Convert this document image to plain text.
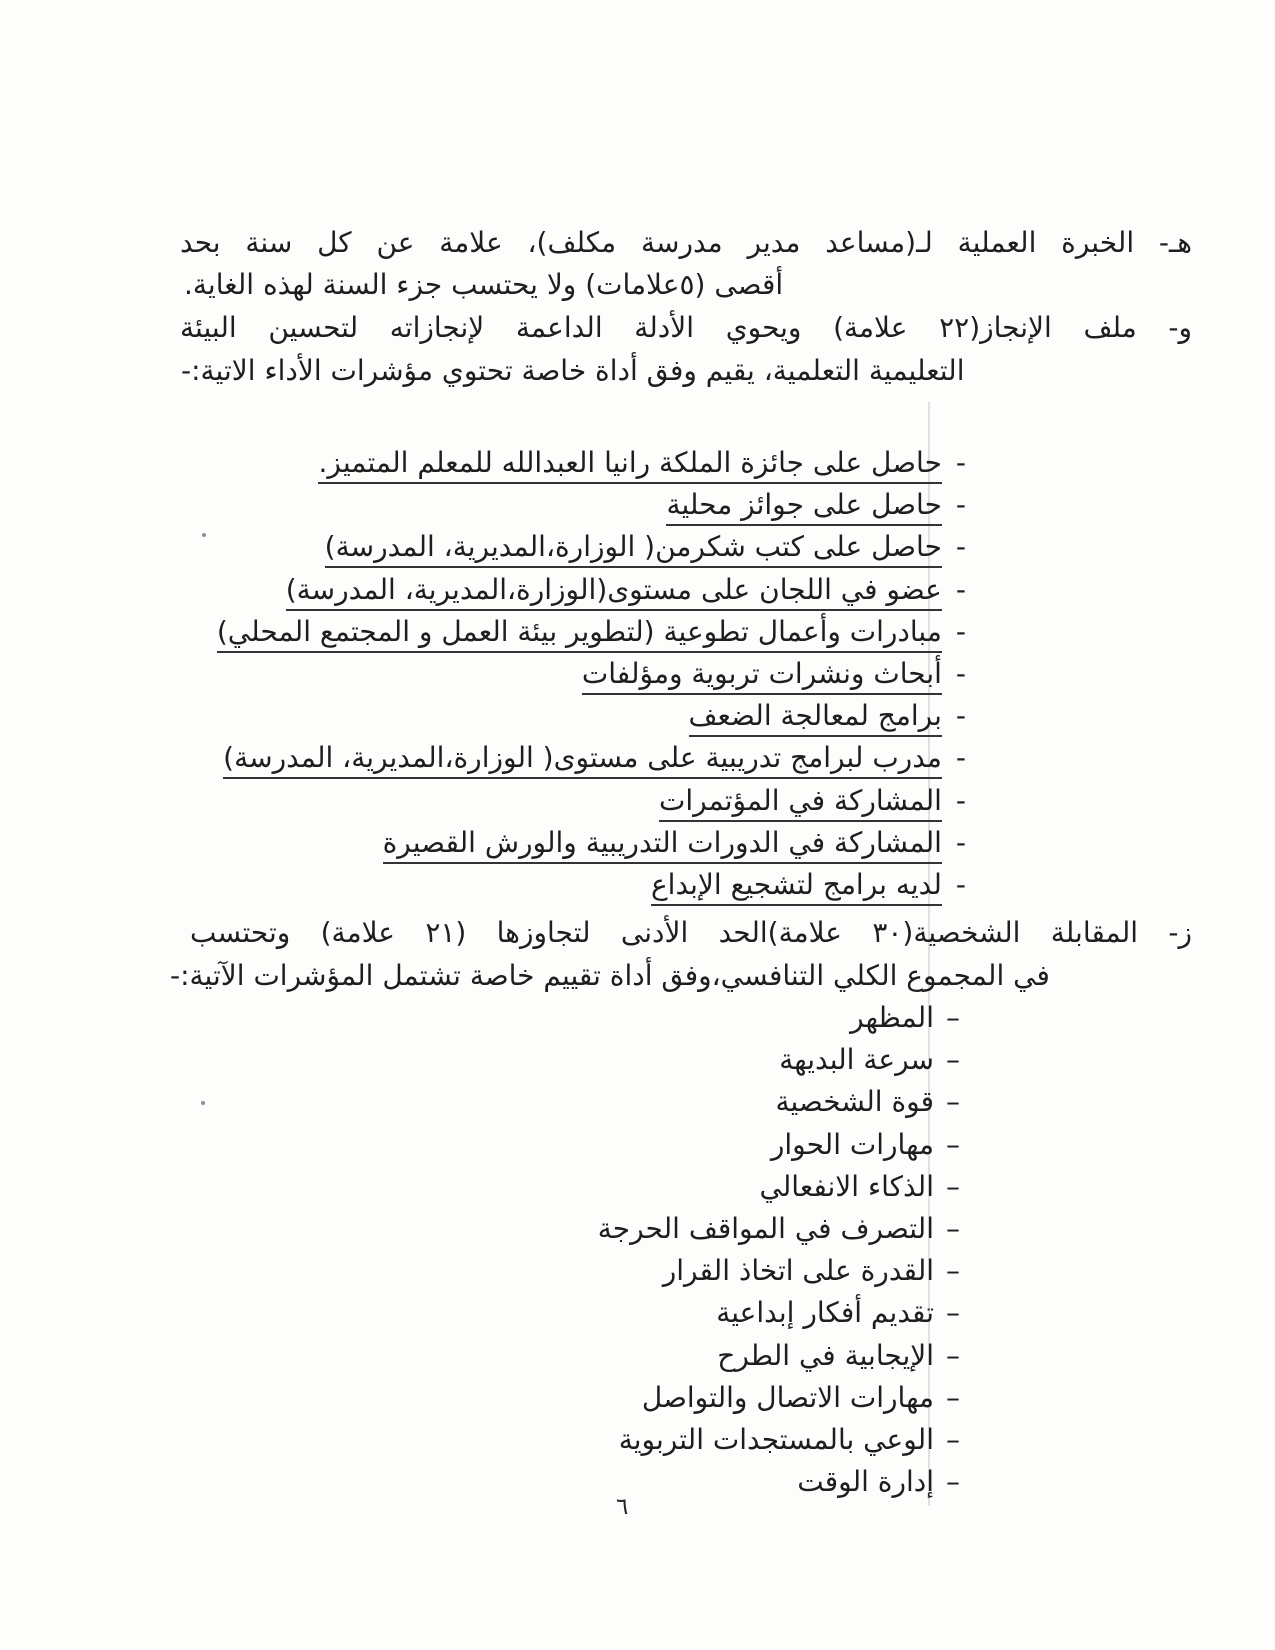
هـ- الخبرة العملية لـ(مساعد مدير مدرسة مكلف)، علامة عن كل سنة بحد

أقصى (٥علامات) ولا يحتسب جزء السنة لهذه الغاية.

و- ملف الإنجاز(٢٢ علامة) ويحوي الأدلة الداعمة لإنجازاته لتحسين البيئة

التعليمية التعلمية، يقيم وفق أداة خاصة تحتوي مؤشرات الأداء الاتية:-

-حاصل على جائزة الملكة رانيا العبدالله للمعلم المتميز.
-حاصل على جوائز محلية
-حاصل على كتب شكرمن( الوزارة،المديرية، المدرسة)
-عضو في اللجان على مستوى(الوزارة،المديرية، المدرسة)
-مبادرات وأعمال تطوعية (لتطوير بيئة العمل و المجتمع المحلي)
-أبحاث ونشرات تربوية ومؤلفات
-برامج لمعالجة الضعف
-مدرب لبرامج تدريبية على مستوى( الوزارة،المديرية، المدرسة)
-المشاركة في المؤتمرات
-المشاركة في الدورات التدريبية والورش القصيرة
-لديه برامج لتشجيع الإبداع

ز- المقابلة الشخصية(٣٠ علامة)الحد الأدنى لتجاوزها (٢١ علامة) وتحتسب

في المجموع الكلي التنافسي،وفق أداة تقييم خاصة تشتمل المؤشرات الآتية:-

–المظهر
–سرعة البديهة
–قوة الشخصية
–مهارات الحوار
–الذكاء الانفعالي
–التصرف في المواقف الحرجة
–القدرة على اتخاذ القرار
–تقديم أفكار إبداعية
–الإيجابية في الطرح
–مهارات الاتصال والتواصل
–الوعي بالمستجدات التربوية
–إدارة الوقت
٦
